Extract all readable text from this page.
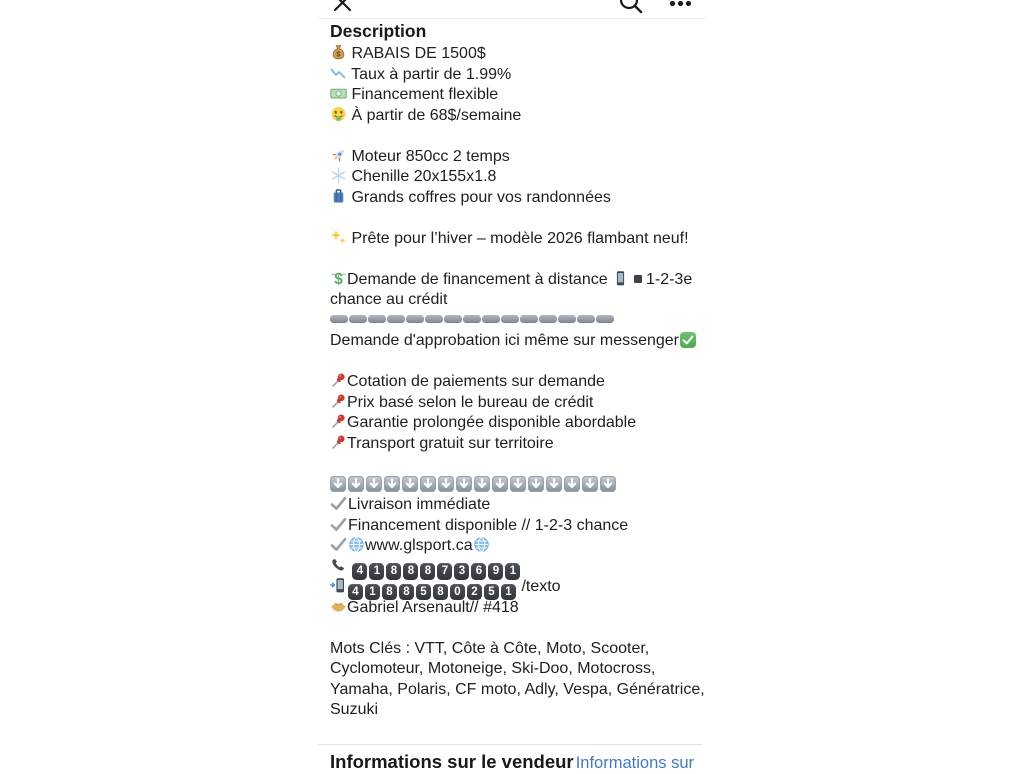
Description
$ RABAIS DE 1500$
Taux à partir de 1.99%
Financement flexible
À partir de 68$/semaine

Moteur 850cc 2 temps
Chenille 20x155x1.8
Grands coffres pour vos randonnées

Prête pour l’hiver – modèle 2026 flambant neuf!

$ Demande de financement à distance
1-2-3e
chance au crédit
Demande d'approbation ici même sur messenger

Cotation de paiements sur demande
Prix basé selon le bureau de crédit
Garantie prolongée disponible abordable
Transport gratuit sur territoire

Livraison immédiate
Financement disponible // 1-2-3 chance
www.glsport.ca
4 1 8 8 8 7 3 6 9 1
4 1 8 8 5 8 0 2 5 1 /texto
Gabriel Arsenault// #418

Mots Clés : VTT, Côte à Côte, Moto, Scooter,
Cyclomoteur, Motoneige, Ski-Doo, Motocross,
Yamaha, Polaris, CF moto, Adly, Vespa, Génératrice,
Suzuki
Informations sur le vendeur Informations sur
